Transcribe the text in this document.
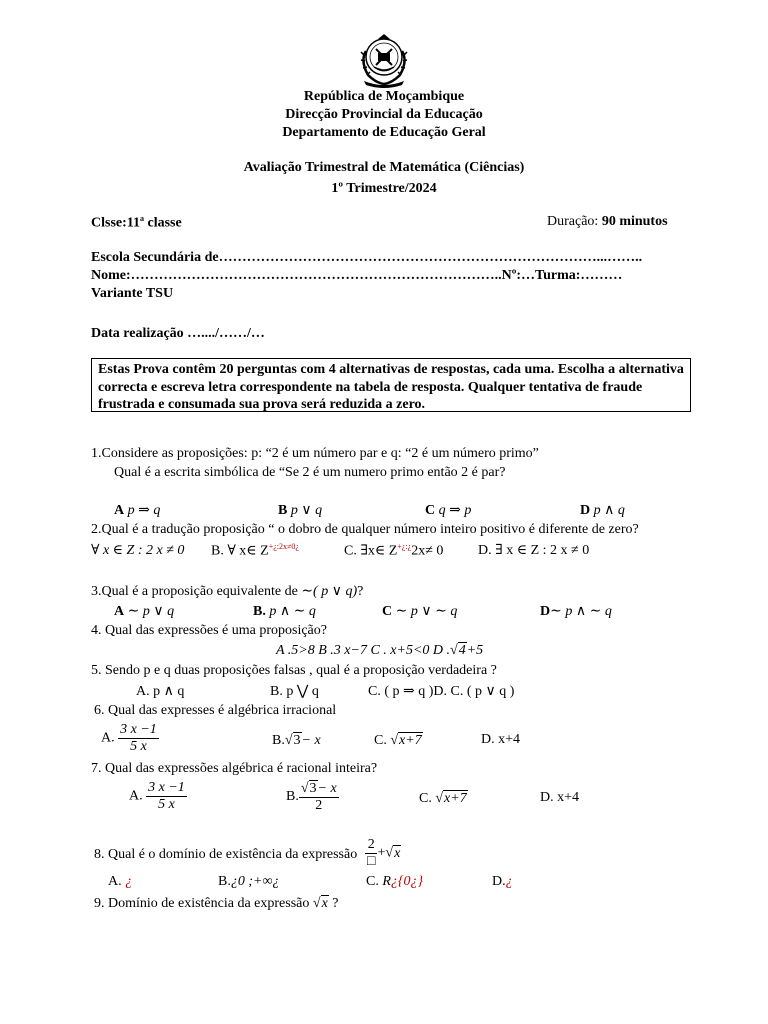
República de Moçambique
Direcção Provincial da Educação
Departamento de Educação Geral
Avaliação Trimestral de Matemática (Ciências)
1º Trimestre/2024
Clsse:11$^a$ classe	Duração: 90 minutos
Escola Secundária de………………………………………………………………………...……..
Nome:……………………………………………………………………..Nº:…Turma:………
Variante TSU
Data realização …..../……/…
Estas Prova contêm 20 perguntas com 4 alternativas de respostas, cada uma. Escolha a alternativa correcta e escreva letra correspondente na tabela de resposta. Qualquer tentativa de fraude frustrada e consumada sua prova será reduzida a zero.
1.Considere as proposições: p: “2 é um número par e q: “2 é um número primo”
Qual é a escrita simbólica de “Se 2 é um numero primo então 2 é par?
A p ⇒ q	B p ∨ q	C q ⇒ p	D p ∧ q
2.Qual é a tradução proposição “ o dobro de qualquer número inteiro positivo é diferente de zero?
∀ x ∈ Z : 2 x ≠ 0 B. ∀ x∈ $Z^{+¿:2x\ne 0¿}$	C. ∃x∈ Z+¿:¿2x≠ 0 D. ∃ x ∈ Z : 2 x ≠ 0
3.Qual é a proposição equivalente de ∼( p ∨ q)?
A ∼ p ∨ q	B. p ∧ ∼ q	C ∼ p ∨ ∼ q	D∼ p ∧ ∼ q
4. Qual das expressões é uma proposição?
A .5>8 B .3 x−7 C . x+5<0 D .√4+5
5. Sendo p e q duas proposições falsas , qual é a proposição verdadeira ?
A. p ∧ q	B. p ⋁ q	C. ( p ⇒ q )D. C. ( p ∨ q )
6. Qual das expresses é algébrica irracional
A. $\frac{3 x -1}{5 x}$	B.√3− x	C. √x+7	D. x+4
7. Qual das expressões algébrica é racional inteira?
A. $\frac{3 x -1}{5 x}$	B. $\frac{√3- x}{2}$	C. √x+7	D. x+4
8. Qual é o domínio de existência da expressão $\frac{2}{□} +√x$
A. ¿	B.¿0 ;+∞¿	C. R¿{0¿}	D.¿
9. Domínio de existência da expressão √x ?
